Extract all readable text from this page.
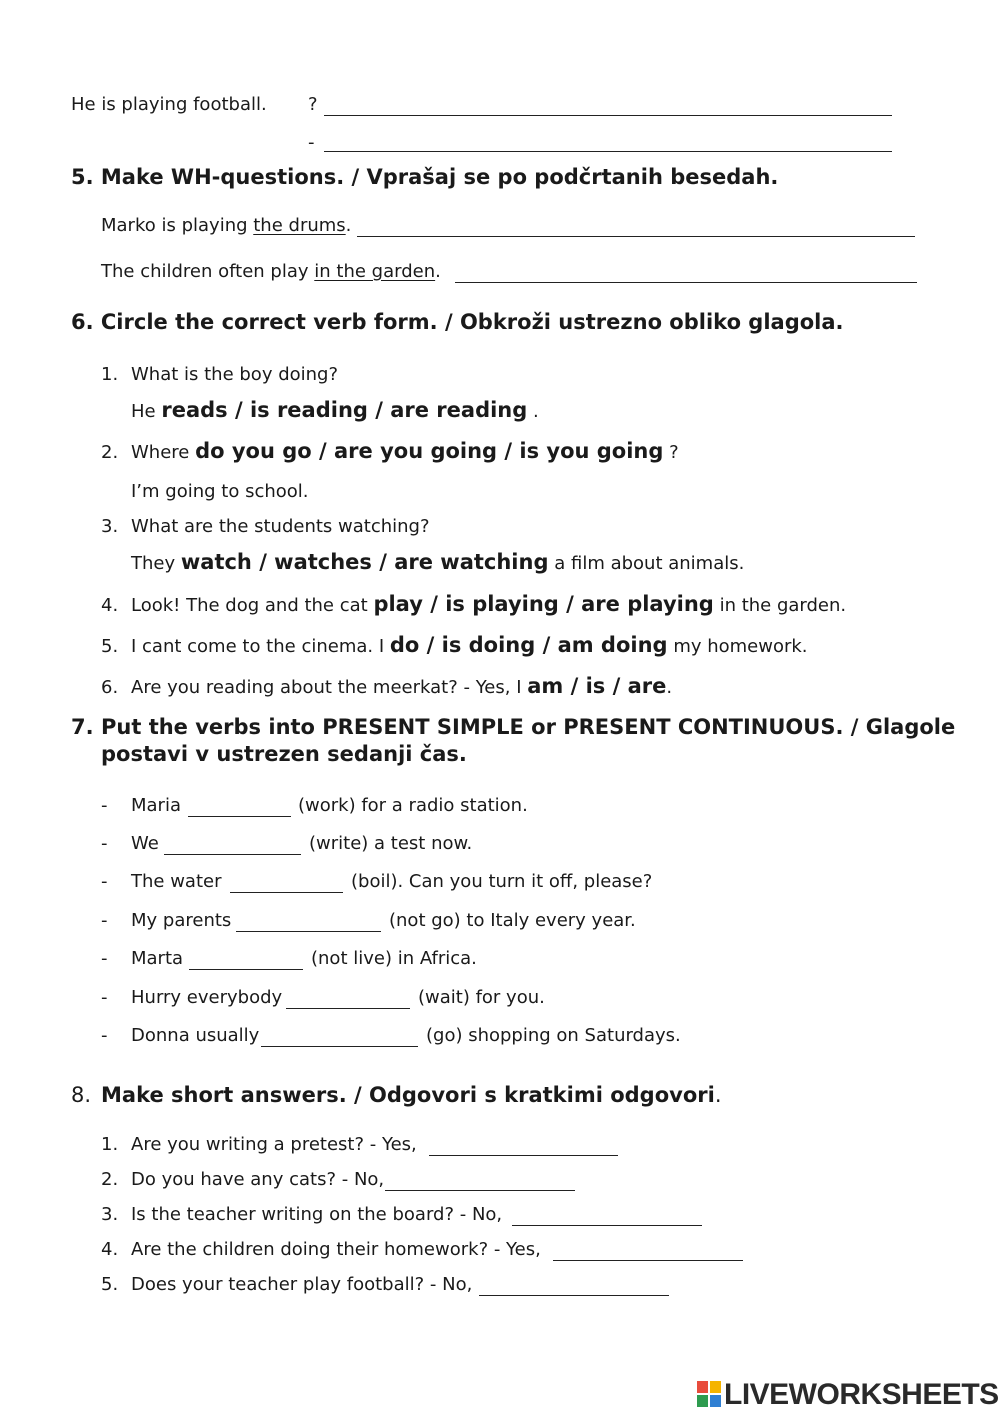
He is playing football. ?
-
5. Make WH-questions. / Vprašaj se po podčrtanih besedah.
Marko is playing the drums.
The children often play in the garden.
6. Circle the correct verb form. / Obkroži ustrezno obliko glagola.
1. What is the boy doing?
He reads / is reading / are reading .
2. Where do you go / are you going / is you going ?
I’m going to school.
3. What are the students watching?
They watch / watches / are watching a film about animals.
4. Look! The dog and the cat play / is playing / are playing in the garden.
5. I cant come to the cinema. I do / is doing / am doing my homework.
6. Are you reading about the meerkat? - Yes, I am / is / are.
7. Put the verbs into PRESENT SIMPLE or PRESENT CONTINUOUS. / Glagole
postavi v ustrezen sedanji čas.
- Maria	(work) for a radio station.
- We	(write) a test now.
- The water	(boil). Can you turn it off, please?
- My parents	(not go) to Italy every year.
- Marta	(not live) in Africa.
- Hurry everybody	(wait) for you.
- Donna usually	(go) shopping on Saturdays.
8. Make short answers. / Odgovori s kratkimi odgovori.
1. Are you writing a pretest? - Yes,
2. Do you have any cats? - No,
3. Is the teacher writing on the board? - No,
4. Are the children doing their homework? - Yes,
5. Does your teacher play football? - No,
LIVEWORKSHEETS
